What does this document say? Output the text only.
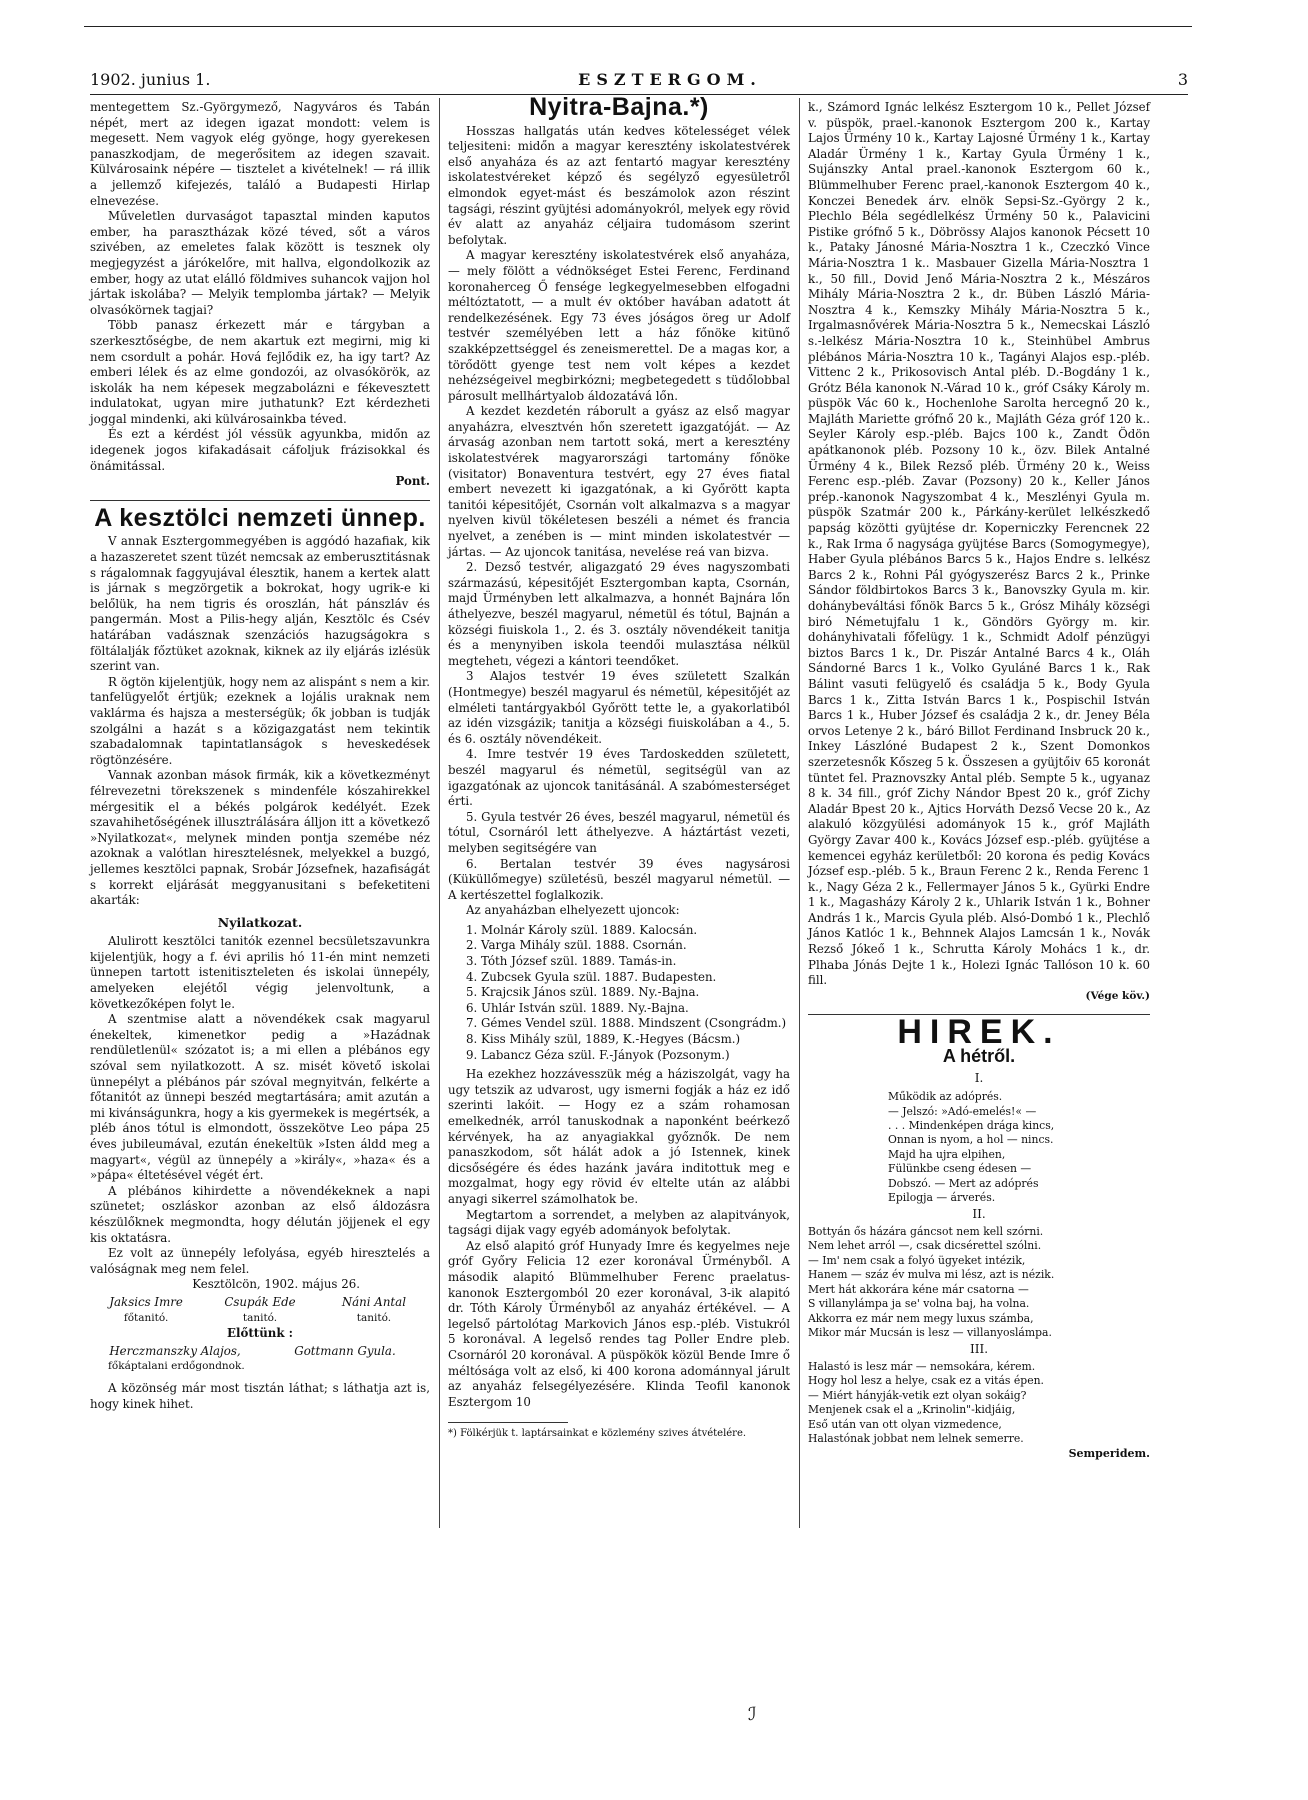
1902. junius 1.	ESZTERGOM.	3

mentegettem Sz.-Györgymező, Nagyváros és Tabán népét, mert az idegen igazat mondott: velem is megesett. Nem vagyok elég gyönge, hogy gyerekesen panaszkodjam, de megerősitem az idegen szavait. Külvárosaink népére — tisztelet a kivételnek! — rá illik a jellemző kifejezés, találó a Budapesti Hirlap elnevezése.

Műveletlen durvaságot tapasztal minden kaputos ember, ha parasztházak közé téved, sőt a város szivében, az emeletes falak között is tesznek oly megjegyzést a járókelőre, mit hallva, elgondolkozik az ember, hogy az utat elálló földmives suhancok vajjon hol jártak iskolába? — Melyik templomba jártak? — Melyik olvasókörnek tagjai?

Több panasz érkezett már e tárgyban a szerkesztőségbe, de nem akartuk ezt megirni, mig ki nem csordult a pohár. Hová fejlődik ez, ha igy tart? Az emberi lélek és az elme gondozói, az olvasókörök, az iskolák ha nem képesek megzabolázni e fékevesztett indulatokat, ugyan mire juthatunk? Ezt kérdezheti joggal mindenki, aki külvárosainkba téved.

És ezt a kérdést jól véssük agyunkba, midőn az idegenek jogos kifakadásait cáfoljuk frázisokkal és önámitással.

Pont.
A kesztölci nemzeti ünnep.

V annak Esztergommegyében is aggódó hazafiak, kik a hazaszeretet szent tüzét nemcsak az emberusztitásnak s rágalomnak faggyujával élesztik, hanem a kertek alatt is járnak s megzörgetik a bokrokat, hogy ugrik-e ki belőlük, ha nem tigris és oroszlán, hát pánszláv és pangermán. Most a Pilis-hegy alján, Kesztölc és Csév határában vadásznak szenzációs hazugságokra s föltálalják főztüket azoknak, kiknek az ily eljárás izlésük szerint van.

R ögtön kijelentjük, hogy nem az alispánt s nem a kir. tanfelügyelőt értjük; ezeknek a lojális uraknak nem vaklárma és hajsza a mesterségük; ők jobban is tudják szolgálni a hazát s a közigazgatást nem tekintik szabadalomnak tapintatlanságok s heveskedések rögtönzésére.

Vannak azonban mások firmák, kik a következményt félrevezetni törekszenek s mindenféle kószahirekkel mérgesitik el a békés polgárok kedélyét. Ezek szavahihetőségének illusztrálására álljon itt a következő »Nyilatkozat«, melynek minden pontja szemébe néz azoknak a valótlan hiresztelésnek, melyekkel a buzgó, jellemes kesztölci papnak, Srobár Józsefnek, hazafiságát s korrekt eljárását meggyanusitani s befeketiteni akarták:

Nyilatkozat.

Alulirott kesztölci tanitók ezennel becsületszavunkra kijelentjük, hogy a f. évi aprilis hó 11-én mint nemzeti ünnepen tartott istenitiszteleten és iskolai ünnepély, amelyeken elejétől végig jelenvoltunk, a következőképen folyt le.

A szentmise alatt a növendékek csak magyarul énekeltek, kimenetkor pedig a »Hazádnak rendületlenül« szózatot is; a mi ellen a plébános egy szóval sem nyilatkozott. A sz. misét követő iskolai ünnepélyt a plébános pár szóval megnyitván, felkérte a főtanitót az ünnepi beszéd megtartására; amit azután a mi kivánságunkra, hogy a kis gyermekek is megértsék, a pléb ános tótul is elmondott, összekötve Leo pápa 25 éves jubileumával, ezután énekeltük »Isten áldd meg a magyart«, végül az ünnepély a »király«, »haza« és a »pápa« éltetésével végét ért.

A plébános kihirdette a növendékeknek a napi szünetet; oszláskor azonban az első áldozásra készülőknek megmondta, hogy délután jöjjenek el egy kis oktatásra.

Ez volt az ünnepély lefolyása, egyéb hiresztelés a valóságnak meg nem felel.

Kesztölcön, 1902. május 26.
Jaksics Imre	Csupák Ede	Náni Antal
főtanitó.	tanitó.	tanitó.
Előttünk :
Herczmanszky Alajos,	Gottmann Gyula.
főkáptalani erdőgondnok.

A közönség már most tisztán láthat; s láthatja azt is, hogy kinek hihet.

Nyitra-Bajna.*)

Hosszas hallgatás után kedves kötelességet vélek teljesiteni: midőn a magyar keresztény iskolatestvérek első anyaháza és az azt fentartó magyar keresztény iskolatestvéreket képző és segélyző egyesületről elmondok egyet-mást és beszámolok azon részint tagsági, részint gyüjtési adományokról, melyek egy rövid év alatt az anyaház céljaira tudomásom szerint befolytak.

A magyar keresztény iskolatestvérek első anyaháza, — mely fölött a védnökséget Estei Ferenc, Ferdinand koronaherceg Ő fensége legkegyelmesebben elfogadni méltóztatott, — a mult év október havában adatott át rendelkezésének. Egy 73 éves jóságos öreg ur Adolf testvér személyében lett a ház főnöke kitünő szakképzettséggel és zeneismerettel. De a magas kor, a törődött gyenge test nem volt képes a kezdet nehézségeivel megbirkózni; megbetegedett s tüdőlobbal párosult mellhártyalob áldozatává lőn.

A kezdet kezdetén ráborult a gyász az első magyar anyaházra, elvesztvén hőn szeretett igazgatóját. — Az árvaság azonban nem tartott soká, mert a keresztény iskolatestvérek magyarországi tartomány főnöke (visitator) Bonaventura testvért, egy 27 éves fiatal embert nevezett ki igazgatónak, a ki Győrött kapta tanitói képesitőjét, Csornán volt alkalmazva s a magyar nyelven kivül tökéletesen beszéli a német és francia nyelvet, a zenében is — mint minden iskolatestvér — jártas. — Az ujoncok tanitása, nevelése reá van bizva.

2. Dezső testvér, aligazgató 29 éves nagyszombati származású, képesitőjét Esztergomban kapta, Csornán, majd Ürményben lett alkalmazva, a honnét Bajnára lőn áthelyezve, beszél magyarul, németül és tótul, Bajnán a községi fiuiskola 1., 2. és 3. osztály növendékeit tanitja és a menynyiben iskola teendői mulasztása nélkül megtehetı, végezi a kántori teendőket.

3 Alajos testvér 19 éves született Szalkán (Hontmegye) beszél magyarul és németül, képesitőjét az elméleti tantárgyakból Győrött tette le, a gyakorlatiból az idén vizsgázik; tanitja a községi fiuiskolában a 4., 5. és 6. osztály növendékeit.

4. Imre testvér 19 éves Tardoskedden született, beszél magyarul és németül, segitségül van az igazgatónak az ujoncok tanitásánál. A szabómesterséget érti.

5. Gyula testvér 26 éves, beszél magyarul, németül és tótul, Csornáról lett áthelyezve. A háztártást vezeti, melyben segitségére van

6. Bertalan testvér 39 éves nagysárosi (Küküllőmegye) születésü, beszél magyarul németül. — A kertészettel foglalkozik.

Az anyaházban elhelyezett ujoncok:

1. Molnár Károly szül. 1889. Kalocsán.
2. Varga Mihály szül. 1888. Csornán.
3. Tóth József szül. 1889. Tamás-in.
4. Zubcsek Gyula szül. 1887. Budapesten.
5. Krajcsik János szül. 1889. Ny.-Bajna.
6. Uhlár István szül. 1889. Ny.-Bajna.
7. Gémes Vendel szül. 1888. Mindszent (Csongrádm.)
8. Kiss Mihály szül, 1889, K.-Hegyes (Bácsm.)
9. Labancz Géza szül. F.-Jányok (Pozsonym.)

Ha ezekhez hozzávesszük még a háziszolgát, vagy ha ugy tetszik az udvarost, ugy ismerni fogják a ház ez idő szerinti lakóit. — Hogy ez a szám rohamosan emelkednék, arról tanuskodnak a naponként beérkező kérvények, ha az anyagiakkal győznők. De nem panaszkodom, sőt hálát adok a jó Istennek, kinek dicsőségére és édes hazánk javára inditottuk meg e mozgalmat, hogy egy rövid év eltelte után az alábbi anyagi sikerrel számolhatok be.

Megtartom a sorrendet, a melyben az alapitványok, tagsági dijak vagy egyéb adományok befolytak.

Az első alapitó gróf Hunyady Imre és kegyelmes neje gróf Győry Felicia 12 ezer koronával Ürményből. A második alapitó Blümmelhuber Ferenc praelatus-kanonok Esztergomból 20 ezer koronával, 3-ik alapitó dr. Tóth Károly Ürményből az anyaház értékével. — A legelső pártolótag Markovich János esp.-pléb. Vistukról 5 koronával. A legelső rendes tag Poller Endre pleb. Csornáról 20 koronával. A püspökök közül Bende Imre ő méltósága volt az első, ki 400 korona adománnyal járult az anyaház felsegélyezésére. Klinda Teofil kanonok Esztergom 10

*) Fölkérjük t. laptársainkat e közlemény szives átvételére.

k., Számord Ignác lelkész Esztergom 10 k., Pellet József v. püspök, prael.-kanonok Esztergom 200 k., Kartay Lajos Ürmény 10 k., Kartay Lajosné Ürmény 1 k., Kartay Aladár Ürmény 1 k., Kartay Gyula Ürmény 1 k., Sujánszky Antal prael.-kanonok Esztergom 60 k., Blümmelhuber Ferenc prael,-kanonok Esztergom 40 k., Konczei Benedek árv. elnök Sepsi-Sz.-György 2 k., Plechlo Béla segédlelkész Ürmény 50 k., Palavicini Pistike grófnő 5 k., Döbrössy Alajos kanonok Pécsett 10 k., Pataky Jánosné Mária-Nosztra 1 k., Czeczkó Vince Mária-Nosztra 1 k.. Masbauer Gizella Mária-Nosztra 1 k., 50 fill., Dovid Jenő Mária-Nosztra 2 k., Mészáros Mihály Mária-Nosztra 2 k., dr. Büben László Mária-Nosztra 4 k., Kemszky Mihály Mária-Nosztra 5 k., Irgalmasnővérek Mária-Nosztra 5 k., Nemecskai László s.-lelkész Mária-Nosztra 10 k., Steinhübel Ambrus plébános Mária-Nosztra 10 k., Tagányi Alajos esp.-pléb. Vittenc 2 k., Prikosovisch Antal pléb. D.-Bogdány 1 k., Grótz Béla kanonok N.-Várad 10 k., gróf Csáky Károly m. püspök Vác 60 k., Hochenlohe Sarolta hercegnő 20 k., Majláth Mariette grófnő 20 k., Majláth Géza gróf 120 k.. Seyler Károly esp.-pléb. Bajcs 100 k., Zandt Ödön apátkanonok pléb. Pozsony 10 k., özv. Bilek Antalné Ürmény 4 k., Bilek Rezső pléb. Ürmény 20 k., Weiss Ferenc esp.-pléb. Zavar (Pozsony) 20 k., Keller János prép.-kanonok Nagyszombat 4 k., Meszlényi Gyula m. püspök Szatmár 200 k., Párkány-kerület lelkészkedő papság közötti gyüjtése dr. Koperniczky Ferencnek 22 k., Rak Irma ő nagysága gyüjtése Barcs (Somogymegye), Haber Gyula plébános Barcs 5 k., Hajos Endre s. lelkész Barcs 2 k., Rohni Pál gyógyszerész Barcs 2 k., Prinke Sándor földbirtokos Barcs 3 k., Banovszky Gyula m. kir. dohánybeváltási főnök Barcs 5 k., Grósz Mihály községi biró Németujfalu 1 k., Göndörs György m. kir. dohányhivatali főfelügy. 1 k., Schmidt Adolf pénzügyi biztos Barcs 1 k., Dr. Piszár Antalné Barcs 4 k., Oláh Sándorné Barcs 1 k., Volko Gyuláné Barcs 1 k., Rak Bálint vasuti felügyelő és családja 5 k., Body Gyula Barcs 1 k., Zitta István Barcs 1 k., Pospischil István Barcs 1 k., Huber József és családja 2 k., dr. Jeney Béla orvos Letenye 2 k., báró Billot Ferdinand Insbruck 20 k., Inkey Lászlóné Budapest 2 k., Szent Domonkos szerzetesnők Kőszeg 5 k. Összesen a gyüjtőiv 65 koronát tüntet fel. Praznovszky Antal pléb. Sempte 5 k., ugyanaz 8 k. 34 fill., gróf Zichy Nándor Bpest 20 k., gróf Zichy Aladár Bpest 20 k., Ajtics Horváth Dezső Vecse 20 k., Az alakuló közgyülési adományok 15 k., gróf Majláth György Zavar 400 k., Kovács József esp.-pléb. gyüjtése a kemencei egyház kerületből: 20 korona és pedig Kovács József esp.-pléb. 5 k., Braun Ferenc 2 k., Renda Ferenc 1 k., Nagy Géza 2 k., Fellermayer János 5 k., Gyürki Endre 1 k., Magasházy Károly 2 k., Uhlarik István 1 k., Bohner András 1 k., Marcis Gyula pléb. Alsó-Dombó 1 k., Plechlő János Katlóc 1 k., Behnnek Alajos Lamcsán 1 k., Novák Rezső Jókeő 1 k., Schrutta Károly Mohács 1 k., dr. Plhaba Jónás Dejte 1 k., Holezi Ignác Tallóson 10 k. 60 fill.

(Vége köv.)
HIREK.
A hétről.
I.
Működik az adóprés.
— Jelszó: »Adó-emelés!« —
. . . Mindenképen drága kincs,
Onnan is nyom, a hol — nincs.
Majd ha ujra elpihen,
Fülünkbe cseng édesen —
Dobszó. — Mert az adóprés
Epilogja — árverés.
II.
Bottyán ős házára gáncsot nem kell szórni.
Nem lehet arról —, csak dicsérettel szólni.
— Im' nem csak a folyó ügyeket intézik,
Hanem — száz év mulva mi lész, azt is nézik.
Mert hát akkorára kéne már csatorna —
S villanylámpa ja se' volna baj, ha volna.
Akkorra ez már nem megy luxus számba,
Mikor már Mucsán is lesz — villanyoslámpa.
III.
Halastó is lesz már — nemsokára, kérem.
Hogy hol lesz a helye, csak ez a vitás épen.
— Miért hányják-vetik ezt olyan sokáig?
Menjenek csak el a „Krinolin"-kidjáig,
Eső után van ott olyan vizmedence,
Halastónak jobbat nem lelnek semerre.
Semperidem.
ℐ
